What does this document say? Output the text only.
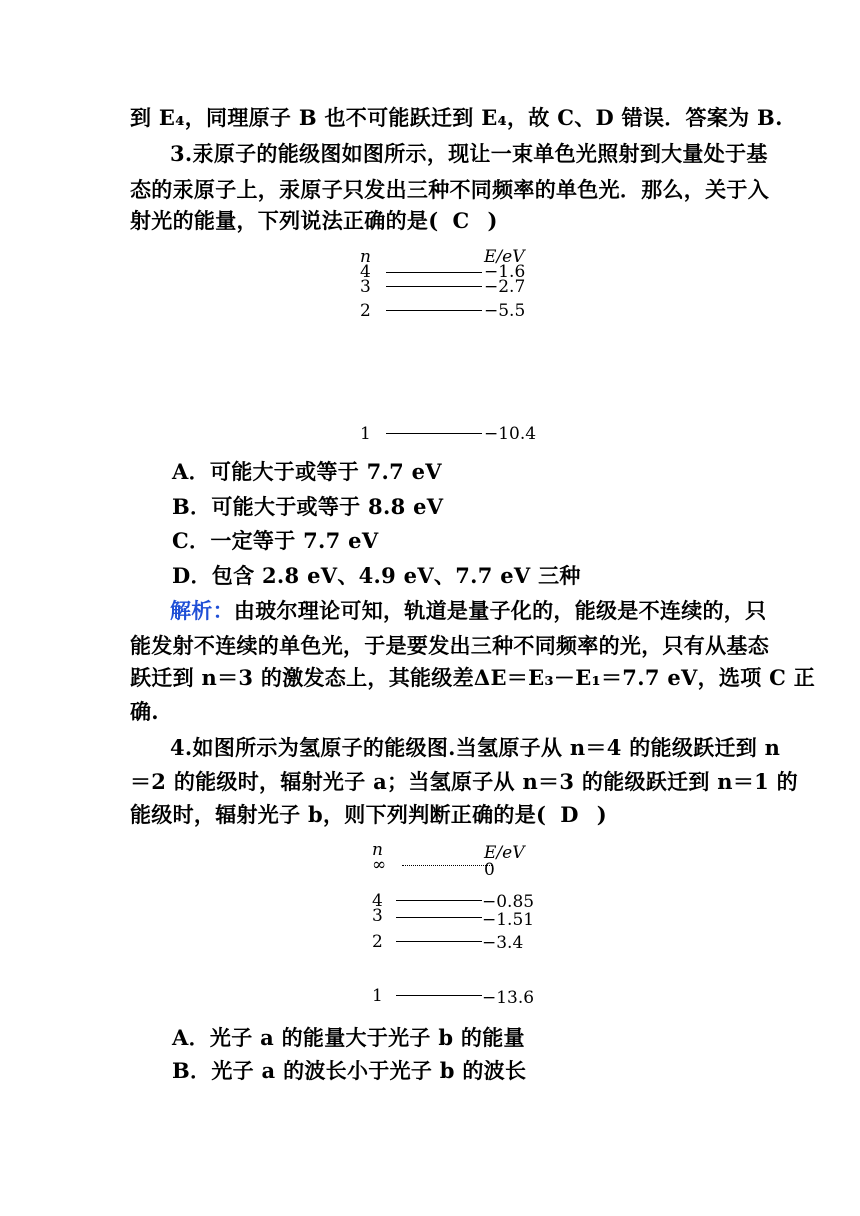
到 E₄，同理原子 B 也不可能跃迁到 E₄，故 C、D 错误．答案为 B.
3.汞原子的能级图如图所示，现让一束单色光照射到大量处于基
态的汞原子上，汞原子只发出三种不同频率的单色光．那么，关于入
射光的能量，下列说法正确的是( C )
n	E/eV
4	−1.6
3	−2.7
2	−5.5
1	−10.4
A．可能大于或等于 7.7 eV
B．可能大于或等于 8.8 eV
C．一定等于 7.7 eV
D．包含 2.8 eV、4.9 eV、7.7 eV 三种
解析：由玻尔理论可知，轨道是量子化的，能级是不连续的，只
能发射不连续的单色光，于是要发出三种不同频率的光，只有从基态
跃迁到 n＝3 的激发态上，其能级差ΔE＝E₃－E₁＝7.7 eV，选项 C 正
确.
4.如图所示为氢原子的能级图.当氢原子从 n＝4 的能级跃迁到 n
＝2 的能级时，辐射光子 a；当氢原子从 n＝3 的能级跃迁到 n＝1 的
能级时，辐射光子 b，则下列判断正确的是( D )
n	E/eV
∞	0
4	−0.85
3	−1.51
2	−3.4
1	−13.6
A．光子 a 的能量大于光子 b 的能量
B．光子 a 的波长小于光子 b 的波长
